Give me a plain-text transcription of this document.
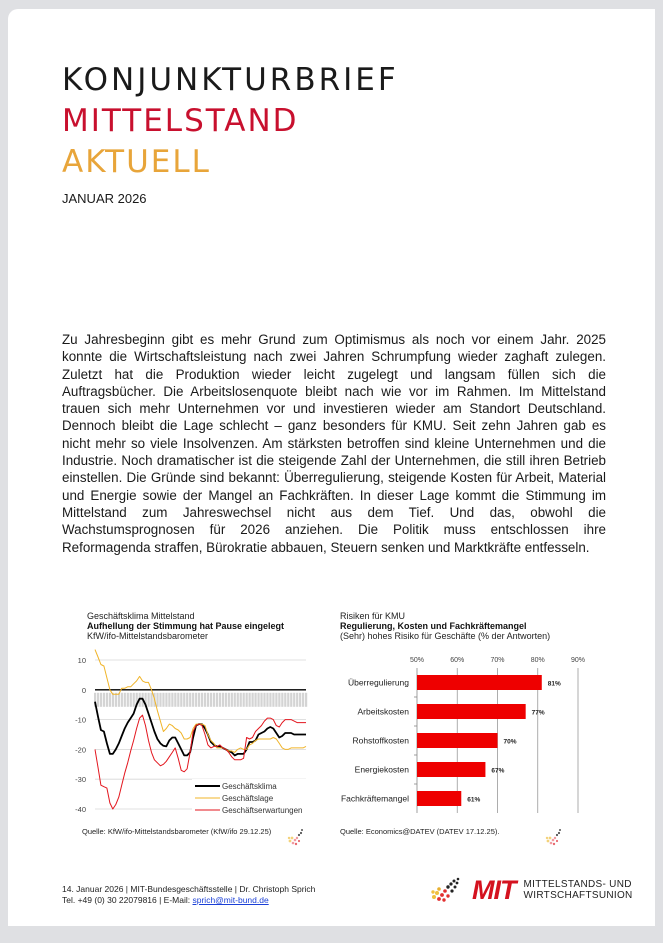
KONJUNKTURBRIEF
MITTELSTAND
AKTUELL
JANUAR 2026
Zu Jahresbeginn gibt es mehr Grund zum Optimismus als noch vor einem Jahr. 2025 konnte die Wirtschaftsleistung nach zwei Jahren Schrumpfung wieder zaghaft zulegen. Zuletzt hat die Produktion wieder leicht zugelegt und langsam füllen sich die Auftragsbücher. Die Arbeitslosenquote bleibt nach wie vor im Rahmen. Im Mittelstand trauen sich mehr Unternehmen vor und investieren wieder am Standort Deutschland. Dennoch bleibt die Lage schlecht – ganz besonders für KMU. Seit zehn Jahren gab es nicht mehr so viele Insolvenzen. Am stärksten betroffen sind kleine Unternehmen und die Industrie. Noch dramatischer ist die steigende Zahl der Unternehmen, die still ihren Betrieb einstellen. Die Gründe sind bekannt: Überregulierung, steigende Kosten für Arbeit, Material und Energie sowie der Mangel an Fachkräften. In dieser Lage kommt die Stimmung im Mittelstand zum Jahreswechsel nicht aus dem Tief. Und das, obwohl die Wachstumsprognosen für 2026 anziehen. Die Politik muss entschlossen ihre Reformagenda straffen, Bürokratie abbauen, Steuern senken und Marktkräfte entfesseln.
Geschäftsklima Mittelstand
Aufhellung der Stimmung hat Pause eingelegt
KfW/ifo-Mittelstandsbarometer
10
0
-10
-20
-30
-40
Geschäftsklima
Geschäftslage
Geschäftserwartungen
Quelle: KfW/ifo-Mittelstandsbarometer (KfW/ifo 29.12.25)
Risiken für KMU
Regulierung, Kosten und Fachkräftemangel
(Sehr) hohes Risiko für Geschäfte (% der Antworten)
50%	60%	70%	80%	90%
Überregulierung	81%
Arbeitskosten	77%
Rohstoffkosten	70%
Energiekosten	67%
Fachkräftemangel	61%
Quelle: Economics@DATEV (DATEV 17.12.25).
14. Januar 2026 | MIT-Bundesgeschäftsstelle | Dr. Christoph Sprich
Tel. +49 (0) 30 22079816 | E-Mail: sprich@mit-bund.de	MIT MITTELSTANDS- UND
WIRTSCHAFTSUNION
